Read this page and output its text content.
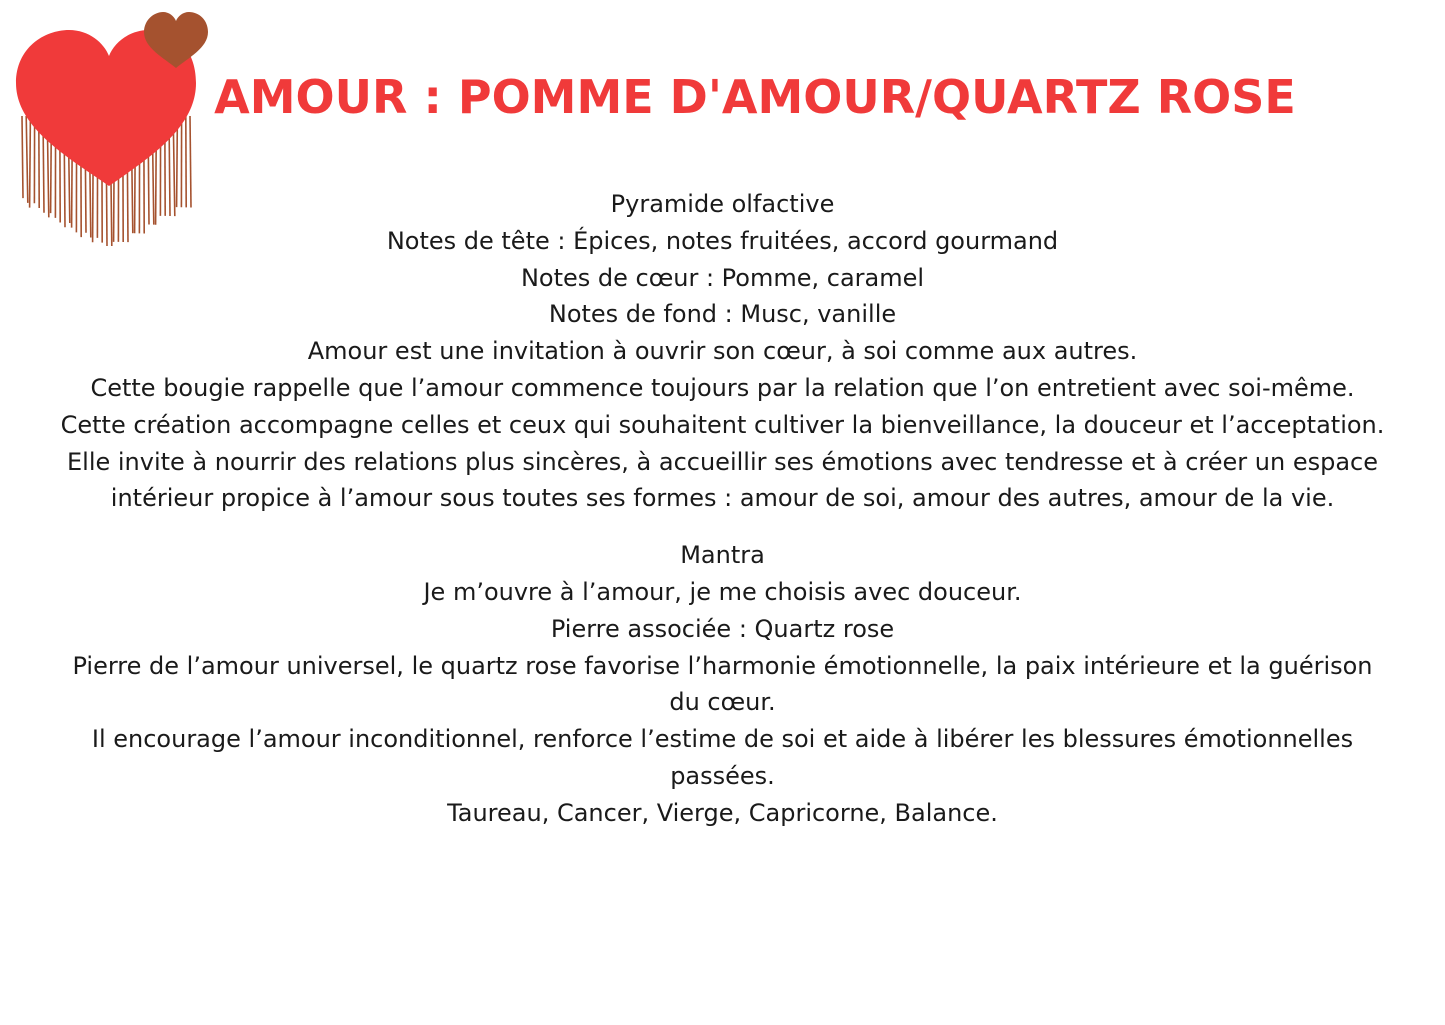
AMOUR : POMME D'AMOUR/QUARTZ ROSE
Pyramide olfactive
Notes de tête : Épices, notes fruitées, accord gourmand
Notes de cœur : Pomme, caramel
Notes de fond : Musc, vanille
Amour est une invitation à ouvrir son cœur, à soi comme aux autres.
Cette bougie rappelle que l’amour commence toujours par la relation que l’on entretient avec soi-même.
Cette création accompagne celles et ceux qui souhaitent cultiver la bienveillance, la douceur et l’acceptation.
Elle invite à nourrir des relations plus sincères, à accueillir ses émotions avec tendresse et à créer un espace intérieur propice à l’amour sous toutes ses formes : amour de soi, amour des autres, amour de la vie.
Mantra
Je m’ouvre à l’amour, je me choisis avec douceur.
Pierre associée : Quartz rose
Pierre de l’amour universel, le quartz rose favorise l’harmonie émotionnelle, la paix intérieure et la guérison du cœur.
Il encourage l’amour inconditionnel, renforce l’estime de soi et aide à libérer les blessures émotionnelles passées.
Taureau, Cancer, Vierge, Capricorne, Balance.
